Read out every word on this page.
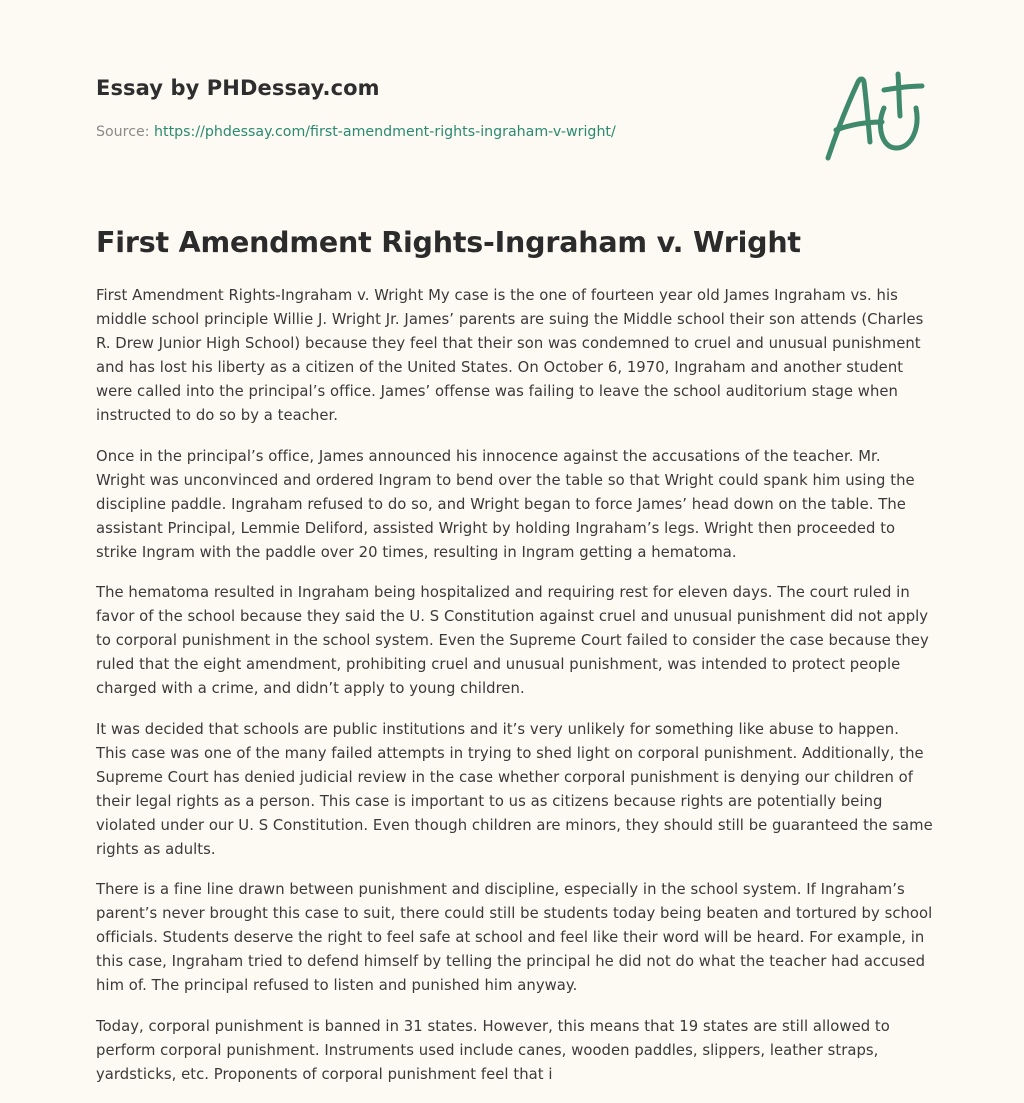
Essay by PHDessay.com
Source: https://phdessay.com/first-amendment-rights-ingraham-v-wright/
First Amendment Rights-Ingraham v. Wright

First Amendment Rights-Ingraham v. Wright My case is the one of fourteen year old James Ingraham vs. his middle school principle Willie J. Wright Jr. James’ parents are suing the Middle school their son attends (Charles R. Drew Junior High School) because they feel that their son was condemned to cruel and unusual punishment and has lost his liberty as a citizen of the United States. On October 6, 1970, Ingraham and another student were called into the principal’s office. James’ offense was failing to leave the school auditorium stage when instructed to do so by a teacher.

Once in the principal’s office, James announced his innocence against the accusations of the teacher. Mr. Wright was unconvinced and ordered Ingram to bend over the table so that Wright could spank him using the discipline paddle. Ingraham refused to do so, and Wright began to force James’ head down on the table. The assistant Principal, Lemmie Deliford, assisted Wright by holding Ingraham’s legs. Wright then proceeded to strike Ingram with the paddle over 20 times, resulting in Ingram getting a hematoma.

The hematoma resulted in Ingraham being hospitalized and requiring rest for eleven days. The court ruled in favor of the school because they said the U. S Constitution against cruel and unusual punishment did not apply to corporal punishment in the school system. Even the Supreme Court failed to consider the case because they ruled that the eight amendment, prohibiting cruel and unusual punishment, was intended to protect people charged with a crime, and didn’t apply to young children.

It was decided that schools are public institutions and it’s very unlikely for something like abuse to happen. This case was one of the many failed attempts in trying to shed light on corporal punishment. Additionally, the Supreme Court has denied judicial review in the case whether corporal punishment is denying our children of their legal rights as a person. This case is important to us as citizens because rights are potentially being violated under our U. S Constitution. Even though children are minors, they should still be guaranteed the same rights as adults.

There is a fine line drawn between punishment and discipline, especially in the school system. If Ingraham’s parent’s never brought this case to suit, there could still be students today being beaten and tortured by school officials. Students deserve the right to feel safe at school and feel like their word will be heard. For example, in this case, Ingraham tried to defend himself by telling the principal he did not do what the teacher had accused him of. The principal refused to listen and punished him anyway.

Today, corporal punishment is banned in 31 states. However, this means that 19 states are still allowed to perform corporal punishment. Instruments used include canes, wooden paddles, slippers, leather straps, yardsticks, etc. Proponents of corporal punishment feel that i
